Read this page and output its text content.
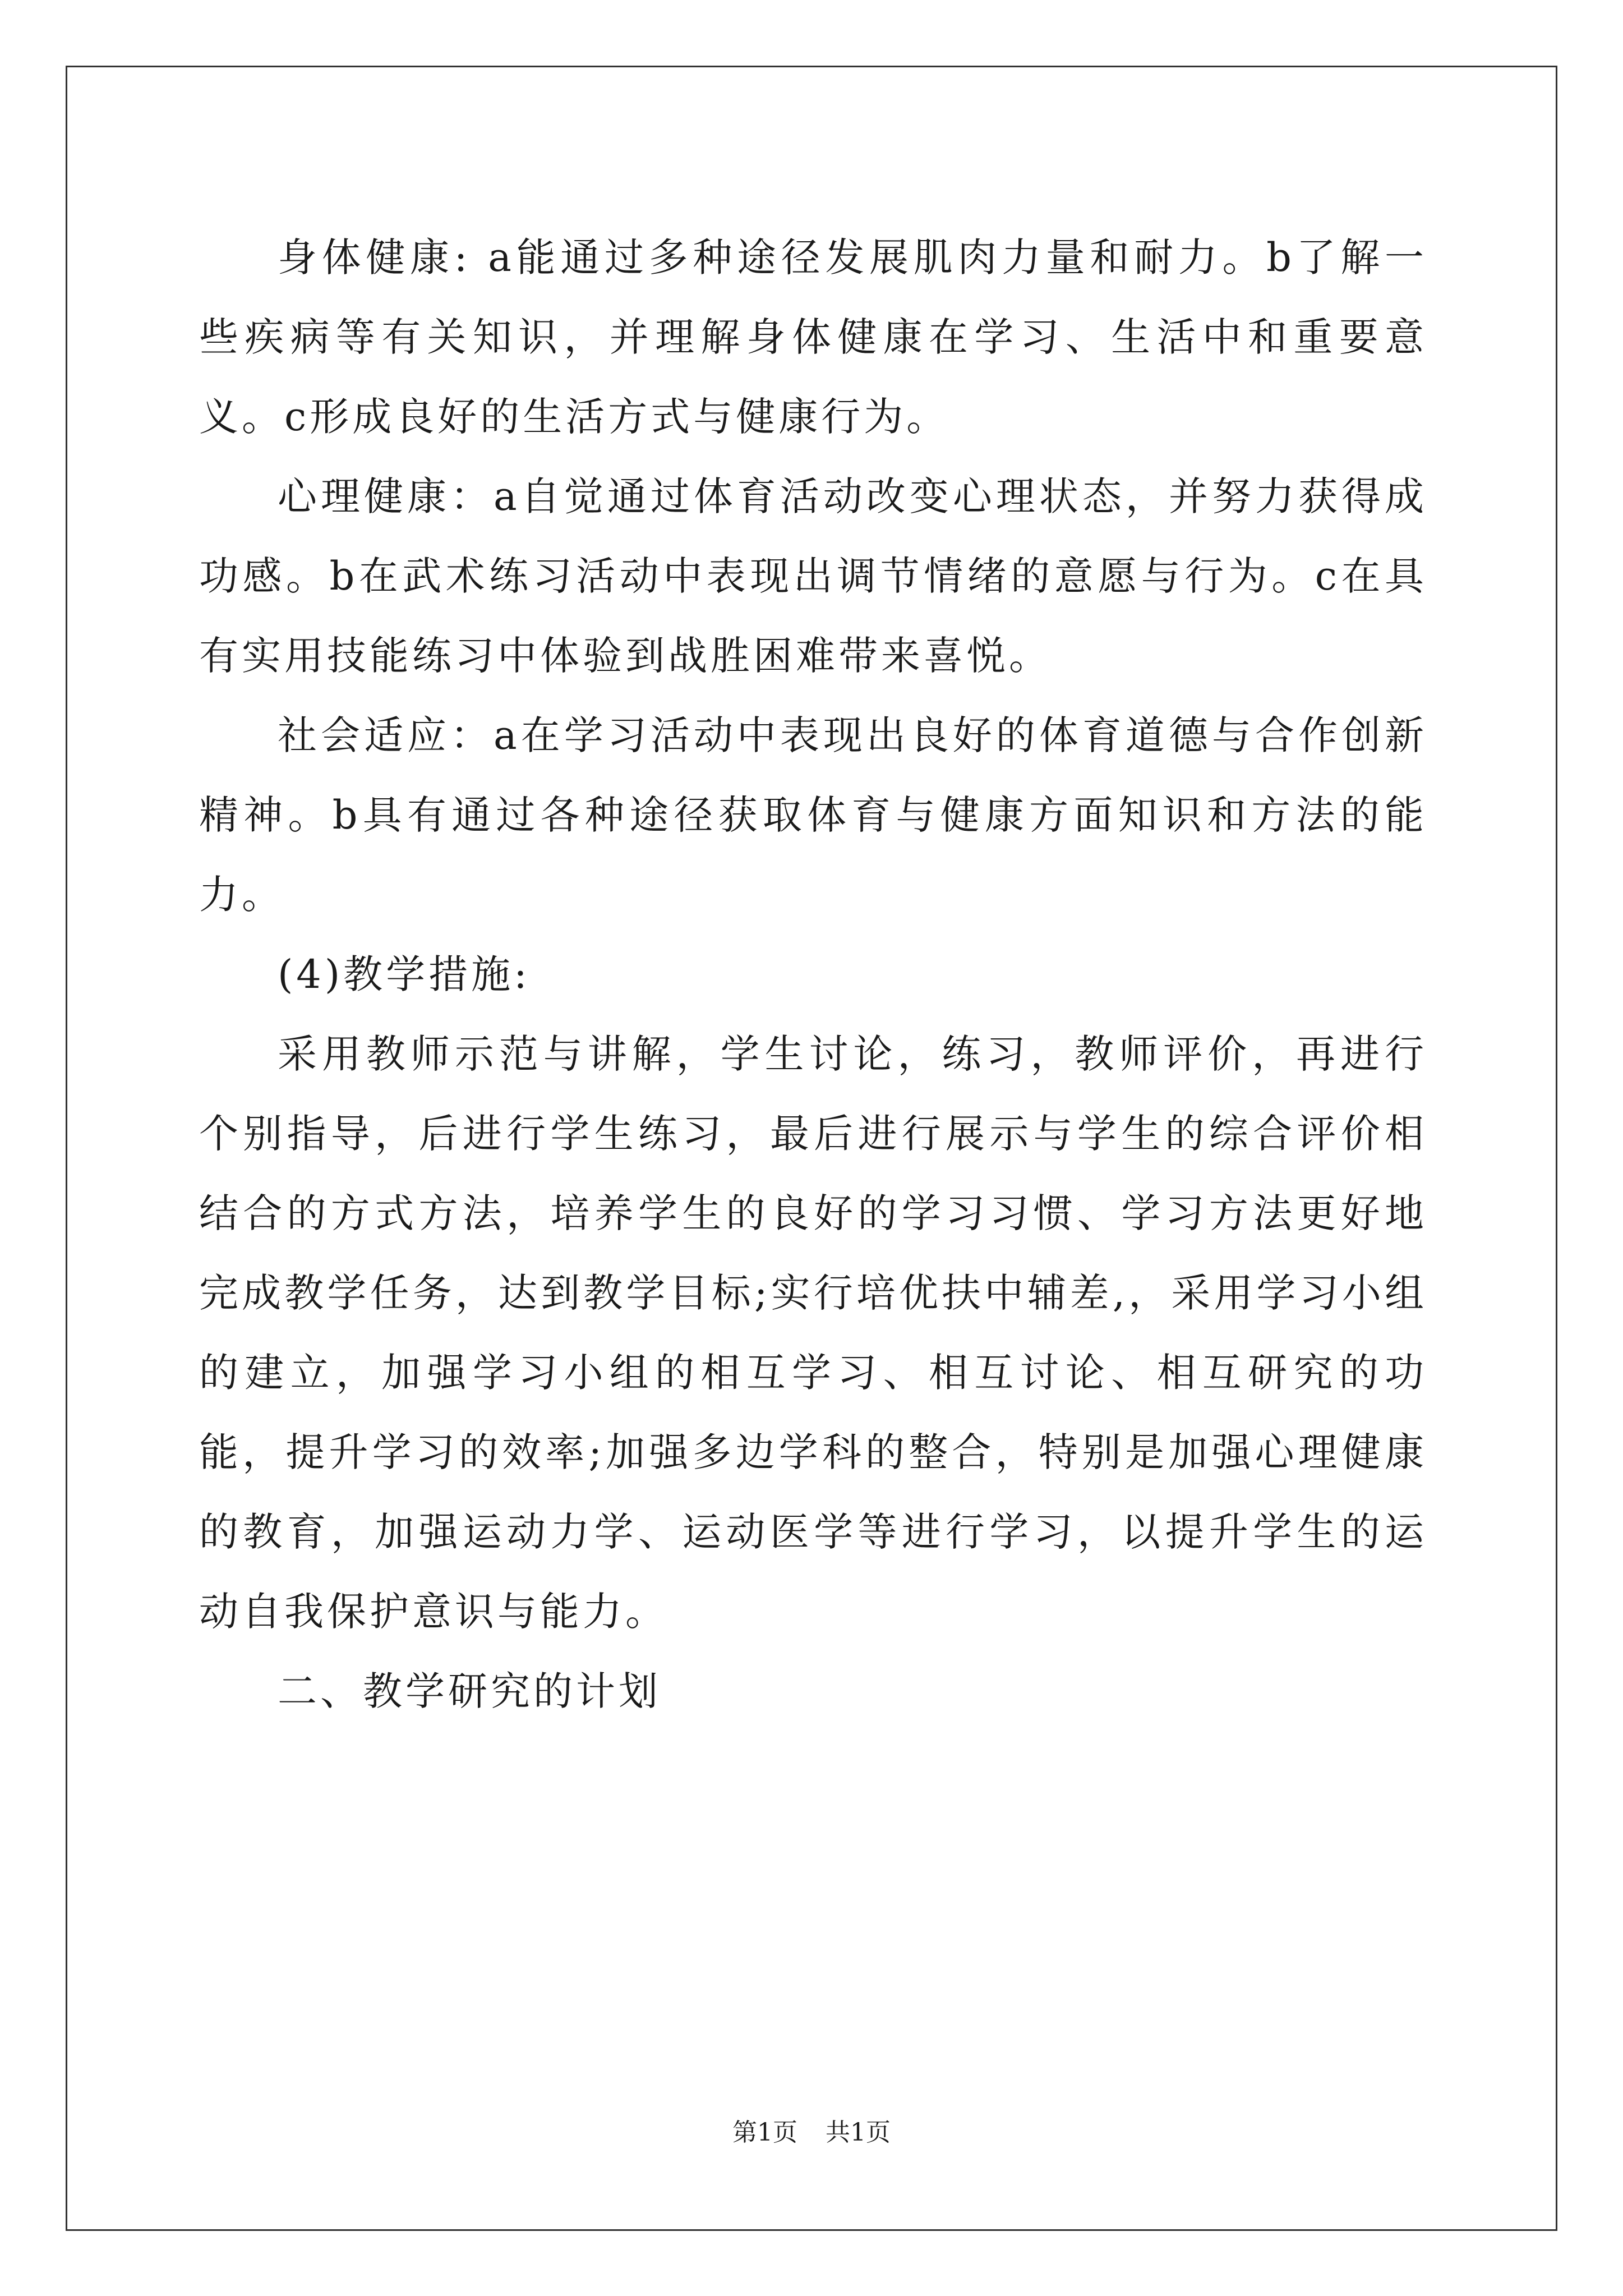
身体健康: a能通过多种途径发展肌肉力量和耐力。b了解一些疾病等有关知识，并理解身体健康在学习、生活中和重要意义。c形成良好的生活方式与健康行为。

心理健康：a自觉通过体育活动改变心理状态，并努力获得成功感。b在武术练习活动中表现出调节情绪的意愿与行为。c在具有实用技能练习中体验到战胜困难带来喜悦。

社会适应：a在学习活动中表现出良好的体育道德与合作创新精神。b具有通过各种途径获取体育与健康方面知识和方法的能力。

(4)教学措施:

采用教师示范与讲解，学生讨论，练习，教师评价，再进行个别指导，后进行学生练习，最后进行展示与学生的综合评价相结合的方式方法，培养学生的良好的学习习惯、学习方法更好地完成教学任务，达到教学目标;实行培优扶中辅差,，采用学习小组的建立，加强学习小组的相互学习、相互讨论、相互研究的功能，提升学习的效率;加强多边学科的整合，特别是加强心理健康的教育，加强运动力学、运动医学等进行学习，以提升学生的运动自我保护意识与能力。

二、教学研究的计划

第1页 共1页
